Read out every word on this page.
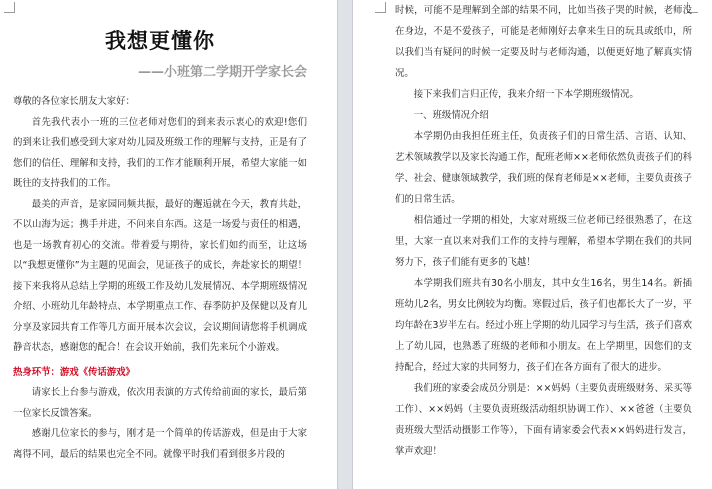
我想更懂你
——小班第二学期开学家长会

尊敬的各位家长朋友大家好：

首先我代表小一班的三位老师对您们的到来表示衷心的欢迎!您们的到来让我们感受到大家对幼儿园及班级工作的理解与支持，正是有了您们的信任、理解和支持，我们的工作才能顺利开展，希望大家能一如既往的支持我们的工作。

最美的声音，是家园同频共振，最好的邂逅就在今天，教育共赴，不以山海为远；携手并进，不问来自东西。这是一场爱与责任的相遇，也是一场教育初心的交流。带着爱与期待，家长们如约而至，让这场以“我想更懂你”为主题的见面会，见证孩子的成长，奔赴家长的期望！接下来我将从总结上学期的班级工作及幼儿发展情况、本学期班级情况介绍、小班幼儿年龄特点、本学期重点工作、春季防护及保健以及育儿分享及家园共育工作等几方面开展本次会议，会议期间请您将手机调成静音状态，感谢您的配合！在会议开始前，我们先来玩个小游戏。

热身环节：游戏《传话游戏》

请家长上台参与游戏，依次用表演的方式传给前面的家长，最后第一位家长反馈答案。

感谢几位家长的参与，刚才是一个简单的传话游戏，但是由于大家离得不同，最后的结果也完全不同。就像平时我们看到很多片段的

时候，可能不是理解到全部的结果不同，比如当孩子哭的时候，老师没在身边，不是不爱孩子，可能是老师刚好去拿来生日的玩具或纸巾，所以我们当有疑问的时候一定要及时与老师沟通，以便更好地了解真实情况。

接下来我们言归正传，我来介绍一下本学期班级情况。

一、班级情况介绍

本学期仍由我担任班主任，负责孩子们的日常生活、言语、认知、艺术领域教学以及家长沟通工作，配班老师××老师依然负责孩子们的科学、社会、健康领域教学，我们班的保育老师是××老师，主要负责孩子们的日常生活。

相信通过一学期的相处，大家对班级三位老师已经很熟悉了，在这里，大家一直以来对我们工作的支持与理解，希望本学期在我们的共同努力下，孩子们能有更多的飞越！

本学期我们班共有30名小朋友，其中女生16名，男生14名。新插班幼儿2名，男女比例较为均衡。寒假过后，孩子们也都长大了一岁，平均年龄在3岁半左右。经过小班上学期的幼儿园学习与生活，孩子们喜欢上了幼儿园，也熟悉了班级的老师和小朋友。在上学期里，因您们的支持配合，经过大家的共同努力，孩子们在各方面有了很大的进步。

我们班的家委会成员分别是：××妈妈（主要负责班级财务、采买等工作）、××妈妈（主要负责班级活动组织协调工作）、××爸爸（主要负责班级大型活动摄影工作等），下面有请家委会代表××妈妈进行发言，掌声欢迎！
